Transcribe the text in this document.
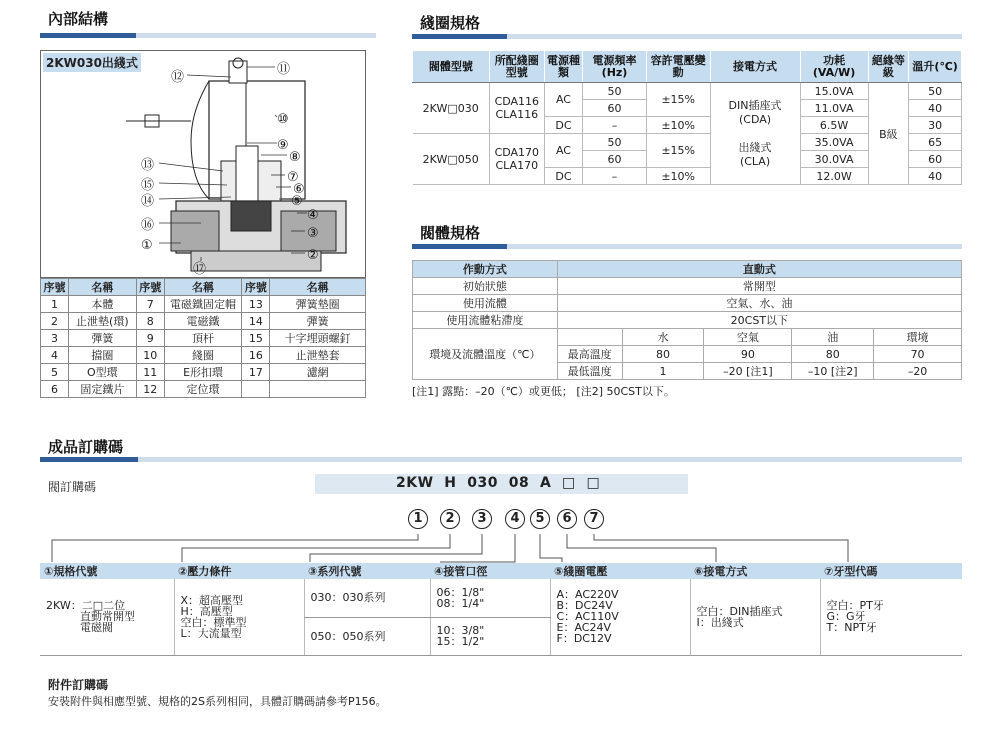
內部結構	綫圈規格
閥體規格
成品訂購碼
2KW030出綫式
⑫
⑪
⑩
⑨
⑧
⑬
⑦
⑮	⑥
⑭	⑤
④
⑯
③
①
②
⑰
序號	名稱	序號	名稱	序號	名稱
1	本體	7	電磁鐵固定帽	13	彈簧墊圈
2	止泄墊(環)	8	電磁鐵	14	彈簧
3	彈簧	9	頂杆	15	十字埋頭螺釘
4	擋圈	10	綫圈	16	止泄墊套
5	O型環	11	E形扣環	17	濾網
6	固定鐵片	12	定位環		
閥體型號	所配綫圈型號	電源種類	電源頻率(Hz)	容許電壓變動	接電方式	功耗(VA/W)	絕緣等級	溫升(℃)
2KW□030	CDA116
CLA116	AC	50	±15%	DIN插座式
(CDA)

出綫式
(CLA)	15.0VA	B級	50
			60			11.0VA		40
		DC	–	±10%		6.5W		30
2KW□050	CDA170
CLA170	AC	50	±15%		35.0VA		65
			60			30.0VA		60
		DC	–	±10%		12.0W		40
作動方式	直動式				
初始狀態	常開型				
使用流體	空氣、水、油				
使用流體粘滯度	20CST以下				
環境及流體溫度（℃）		水	空氣	油	環境
	最高溫度	80	90	80	70
	最低溫度	1	–20 [注1]	–10 [注2]	–20
[注1] 露點：–20（℃）或更低； [注2] 50CST以下。
閥訂購碼	2KW  H  030  08  A  □  □
1	2	3	4	5	6	7
①規格代號	②壓力條件	③系列代號	④接管口徑	⑤綫圈電壓	⑥接電方式	⑦牙型代碼
2KW：二□二位
直動常開型
電磁閥	X：超高壓型
H：高壓型
空白：標準型
L：大流量型	030：030系列	06：1/8"
08：1/4"	A：AC220V
B：DC24V
C：AC110V
E：AC24V
F：DC12V	空白：DIN插座式
I：出綫式	空白：PT牙
G：G牙
T：NPT牙
		050：050系列	10：3/8"
15：1/2"			
附件訂購碼
安裝附件與相應型號、規格的2S系列相同，具體訂購碼請參考P156。
